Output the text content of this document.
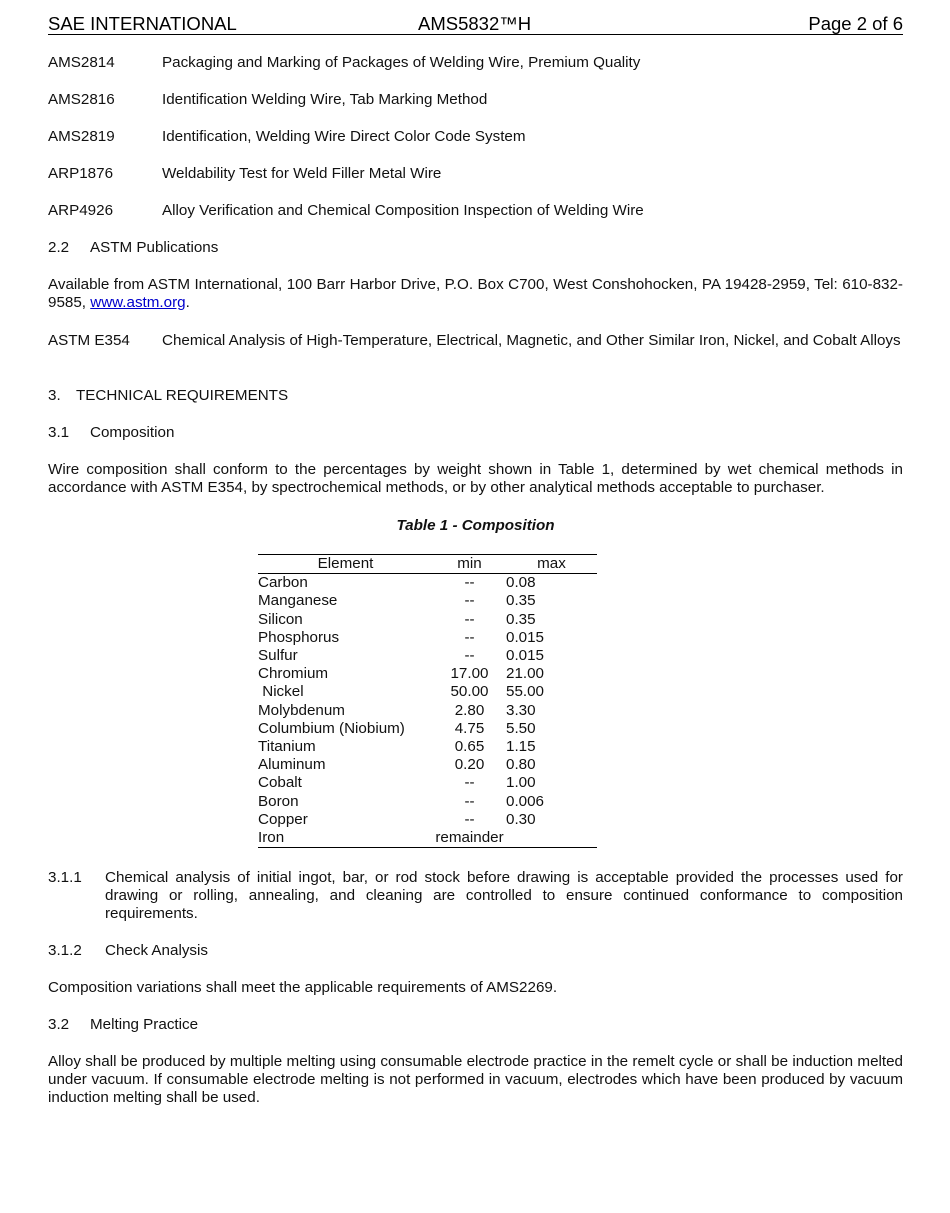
SAE INTERNATIONAL	AMS5832™H	Page 2 of 6
AMS2814	Packaging and Marking of Packages of Welding Wire, Premium Quality
AMS2816	Identification Welding Wire, Tab Marking Method
AMS2819	Identification, Welding Wire Direct Color Code System
ARP1876	Weldability Test for Weld Filler Metal Wire
ARP4926	Alloy Verification and Chemical Composition Inspection of Welding Wire
2.2 ASTM Publications
Available from ASTM International, 100 Barr Harbor Drive, P.O. Box C700, West Conshohocken, PA 19428-2959, Tel: 610-832-9585, www.astm.org.
ASTM E354 Chemical Analysis of High-Temperature, Electrical, Magnetic, and Other Similar Iron, Nickel, and Cobalt Alloys
3. TECHNICAL REQUIREMENTS
3.1 Composition
Wire composition shall conform to the percentages by weight shown in Table 1, determined by wet chemical methods in accordance with ASTM E354, by spectrochemical methods, or by other analytical methods acceptable to purchaser.
Table 1 - Composition
3.1.1 Chemical analysis of initial ingot, bar, or rod stock before drawing is acceptable provided the processes used for drawing or rolling, annealing, and cleaning are controlled to ensure continued conformance to composition requirements.
3.1.2 Check Analysis
Composition variations shall meet the applicable requirements of AMS2269.
3.2 Melting Practice
Alloy shall be produced by multiple melting using consumable electrode practice in the remelt cycle or shall be induction melted under vacuum. If consumable electrode melting is not performed in vacuum, electrodes which have been produced by vacuum induction melting shall be used.
Element	min	max
Carbon	--	0.08
Manganese	--	0.35
Silicon	--	0.35
Phosphorus	--	0.015
Sulfur	--	0.015
Chromium	17.00	21.00
Nickel	50.00	55.00
Molybdenum	2.80	3.30
Columbium (Niobium)	4.75	5.50
Titanium	0.65	1.15
Aluminum	0.20	0.80
Cobalt	--	1.00
Boron	--	0.006
Copper	--	0.30
Iron	remainder	
